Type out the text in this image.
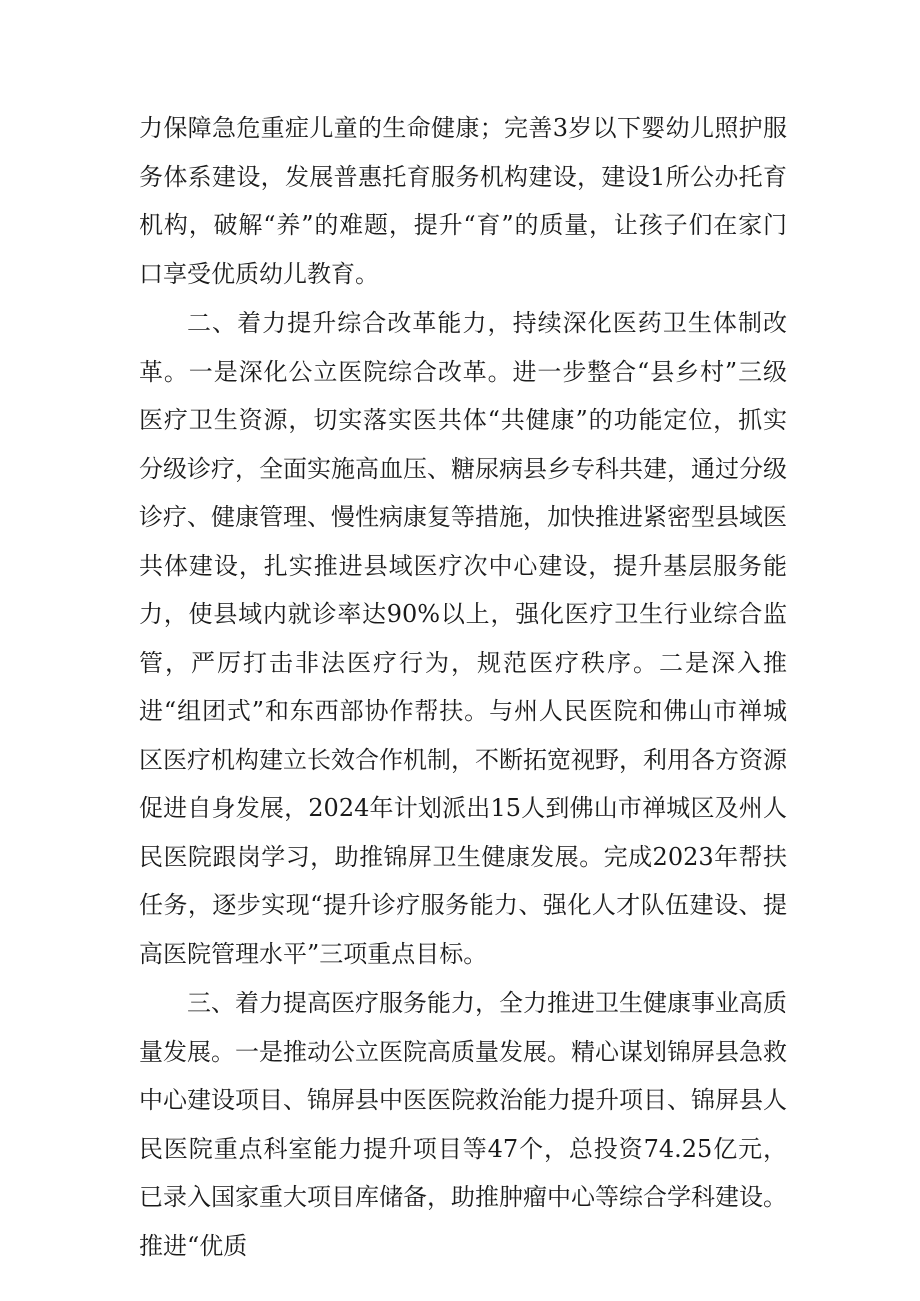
力保障急危重症儿童的生命健康；完善3岁以下婴幼儿照护服务体系建设，发展普惠托育服务机构建设，建设1所公办托育机构，破解“养”的难题，提升“育”的质量，让孩子们在家门口享受优质幼儿教育。

二、着力提升综合改革能力，持续深化医药卫生体制改革。一是深化公立医院综合改革。进一步整合“县乡村”三级医疗卫生资源，切实落实医共体“共健康”的功能定位，抓实分级诊疗，全面实施高血压、糖尿病县乡专科共建，通过分级诊疗、健康管理、慢性病康复等措施，加快推进紧密型县域医共体建设，扎实推进县域医疗次中心建设，提升基层服务能力，使县域内就诊率达90%以上，强化医疗卫生行业综合监管，严厉打击非法医疗行为，规范医疗秩序。二是深入推进“组团式”和东西部协作帮扶。与州人民医院和佛山市禅城区医疗机构建立长效合作机制，不断拓宽视野，利用各方资源促进自身发展，2024年计划派出15人到佛山市禅城区及州人民医院跟岗学习，助推锦屏卫生健康发展。完成2023年帮扶任务，逐步实现“提升诊疗服务能力、强化人才队伍建设、提高医院管理水平”三项重点目标。

三、着力提高医疗服务能力，全力推进卫生健康事业高质量发展。一是推动公立医院高质量发展。精心谋划锦屏县急救中心建设项目、锦屏县中医医院救治能力提升项目、锦屏县人民医院重点科室能力提升项目等47个，总投资74.25亿元，已录入国家重大项目库储备，助推肿瘤中心等综合学科建设。推进“优质
